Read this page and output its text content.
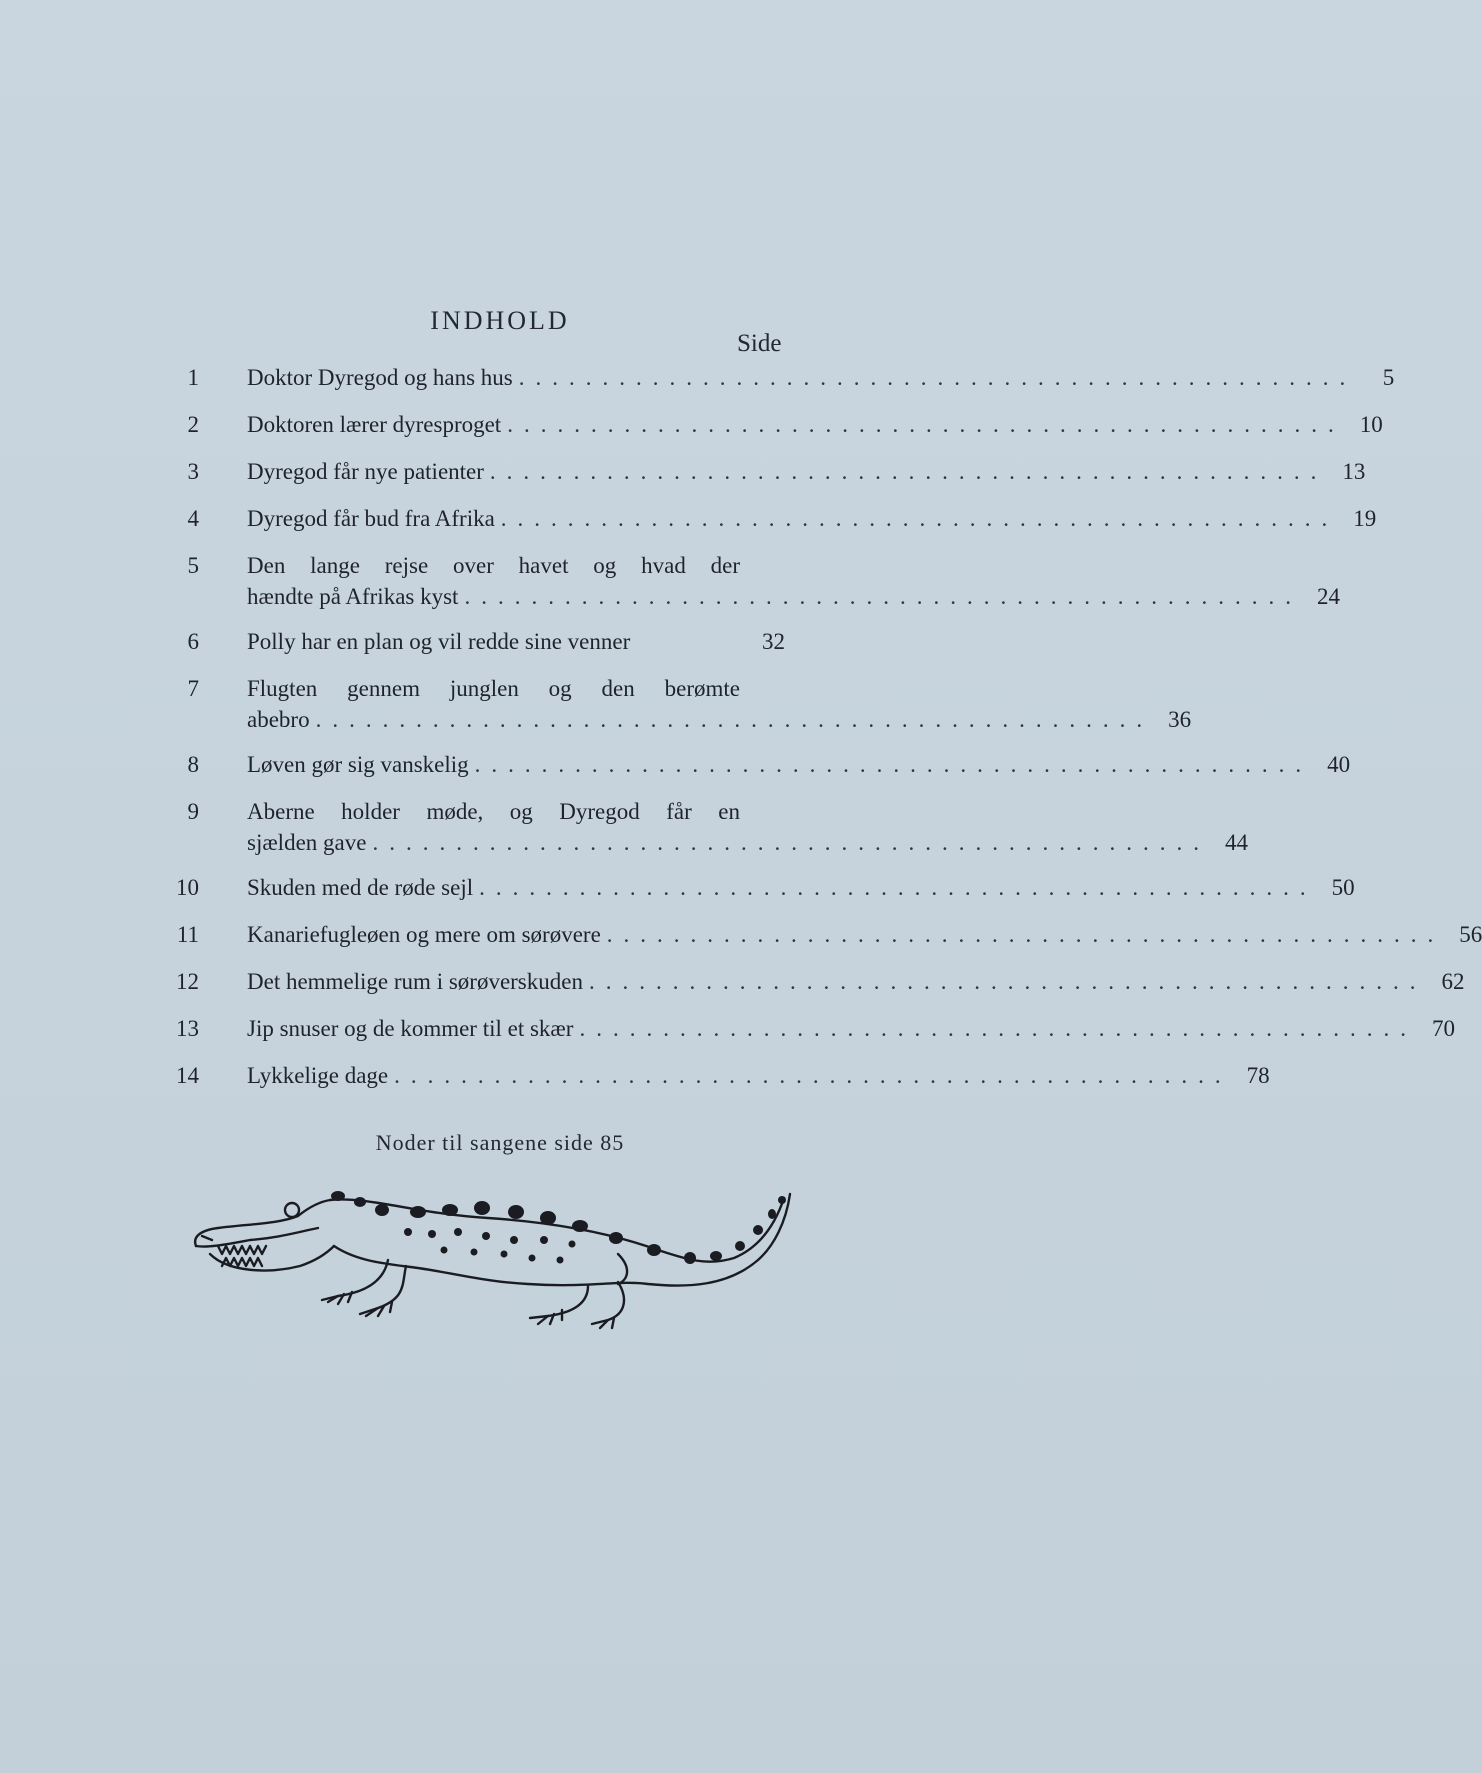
INDHOLD
Side
1 Doktor Dyregod og hans hus ..................................................	5
2 Doktoren lærer dyresproget .................................................. 10
3 Dyregod får nye patienter .................................................. 13
4 Dyregod får bud fra Afrika .................................................. 19
5 Den lange rejse over havet og hvad der
hændte på Afrikas kyst .................................................. 24
6 Polly har en plan og vil redde sine venner	32
7 Flugten gennem junglen og den berømte
abebro .................................................. 36
8 Løven gør sig vanskelig .................................................. 40
9 Aberne holder møde, og Dyregod får en
sjælden gave .................................................. 44
10 Skuden med de røde sejl .................................................. 50
11 Kanariefugleøen og mere om sørøvere .................................................. 56
12 Det hemmelige rum i sørøverskuden .................................................. 62
13 Jip snuser og de kommer til et skær .................................................. 70
14 Lykkelige dage .................................................. 78
Noder til sangene side 85
